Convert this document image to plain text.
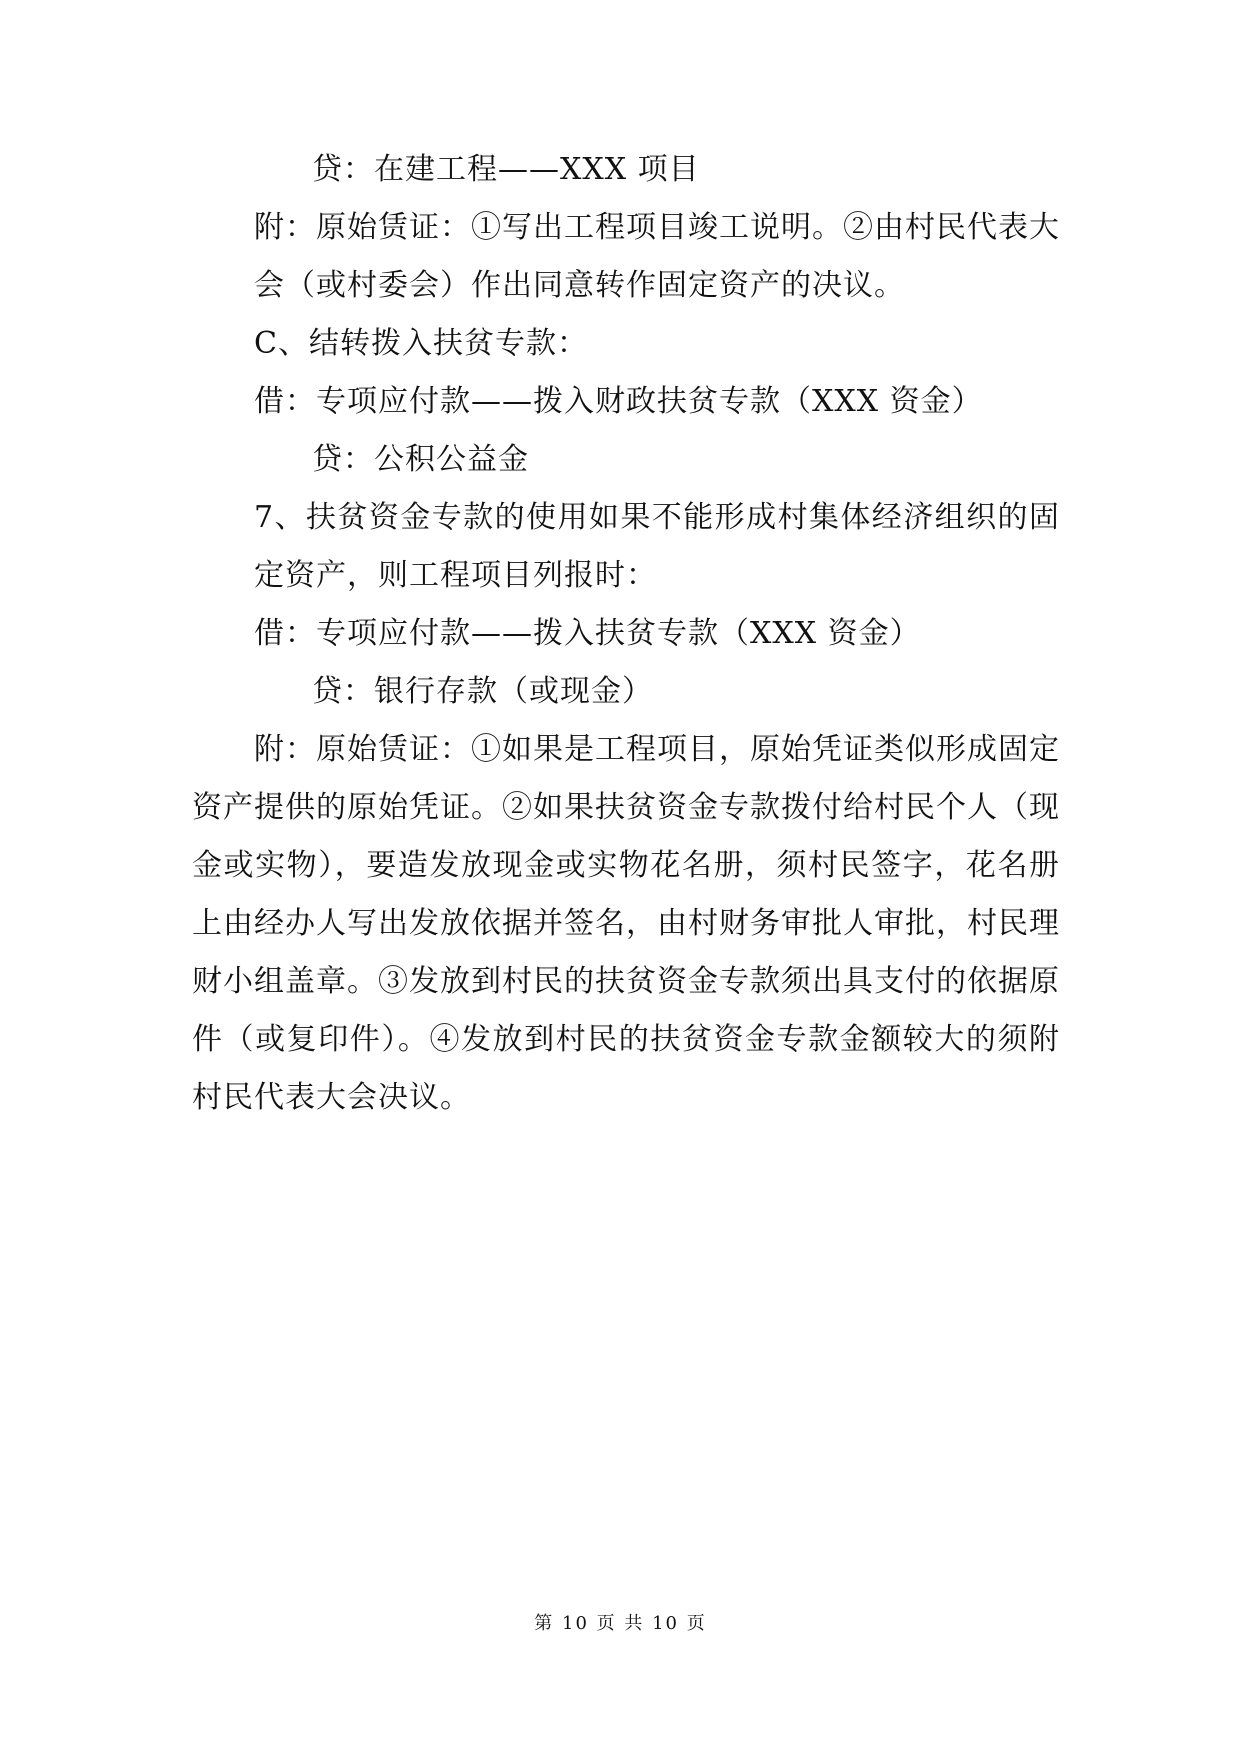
贷：在建工程——XXX 项目
附：原始赁证：①写出工程项目竣工说明。②由村民代表大
会（或村委会）作出同意转作固定资产的决议。
C、结转拨入扶贫专款：
借：专项应付款——拨入财政扶贫专款（XXX 资金）
贷：公积公益金
7、扶贫资金专款的使用如果不能形成村集体经济组织的固
定资产，则工程项目列报时：
借：专项应付款——拨入扶贫专款（XXX 资金）
贷：银行存款（或现金）
附：原始赁证：①如果是工程项目，原始凭证类似形成固定
资产提供的原始凭证。②如果扶贫资金专款拨付给村民个人（现
金或实物），要造发放现金或实物花名册，须村民签字，花名册
上由经办人写出发放依据并签名，由村财务审批人审批，村民理
财小组盖章。③发放到村民的扶贫资金专款须出具支付的依据原
件（或复印件）。④发放到村民的扶贫资金专款金额较大的须附
村民代表大会决议。
第 10 页 共 10 页
